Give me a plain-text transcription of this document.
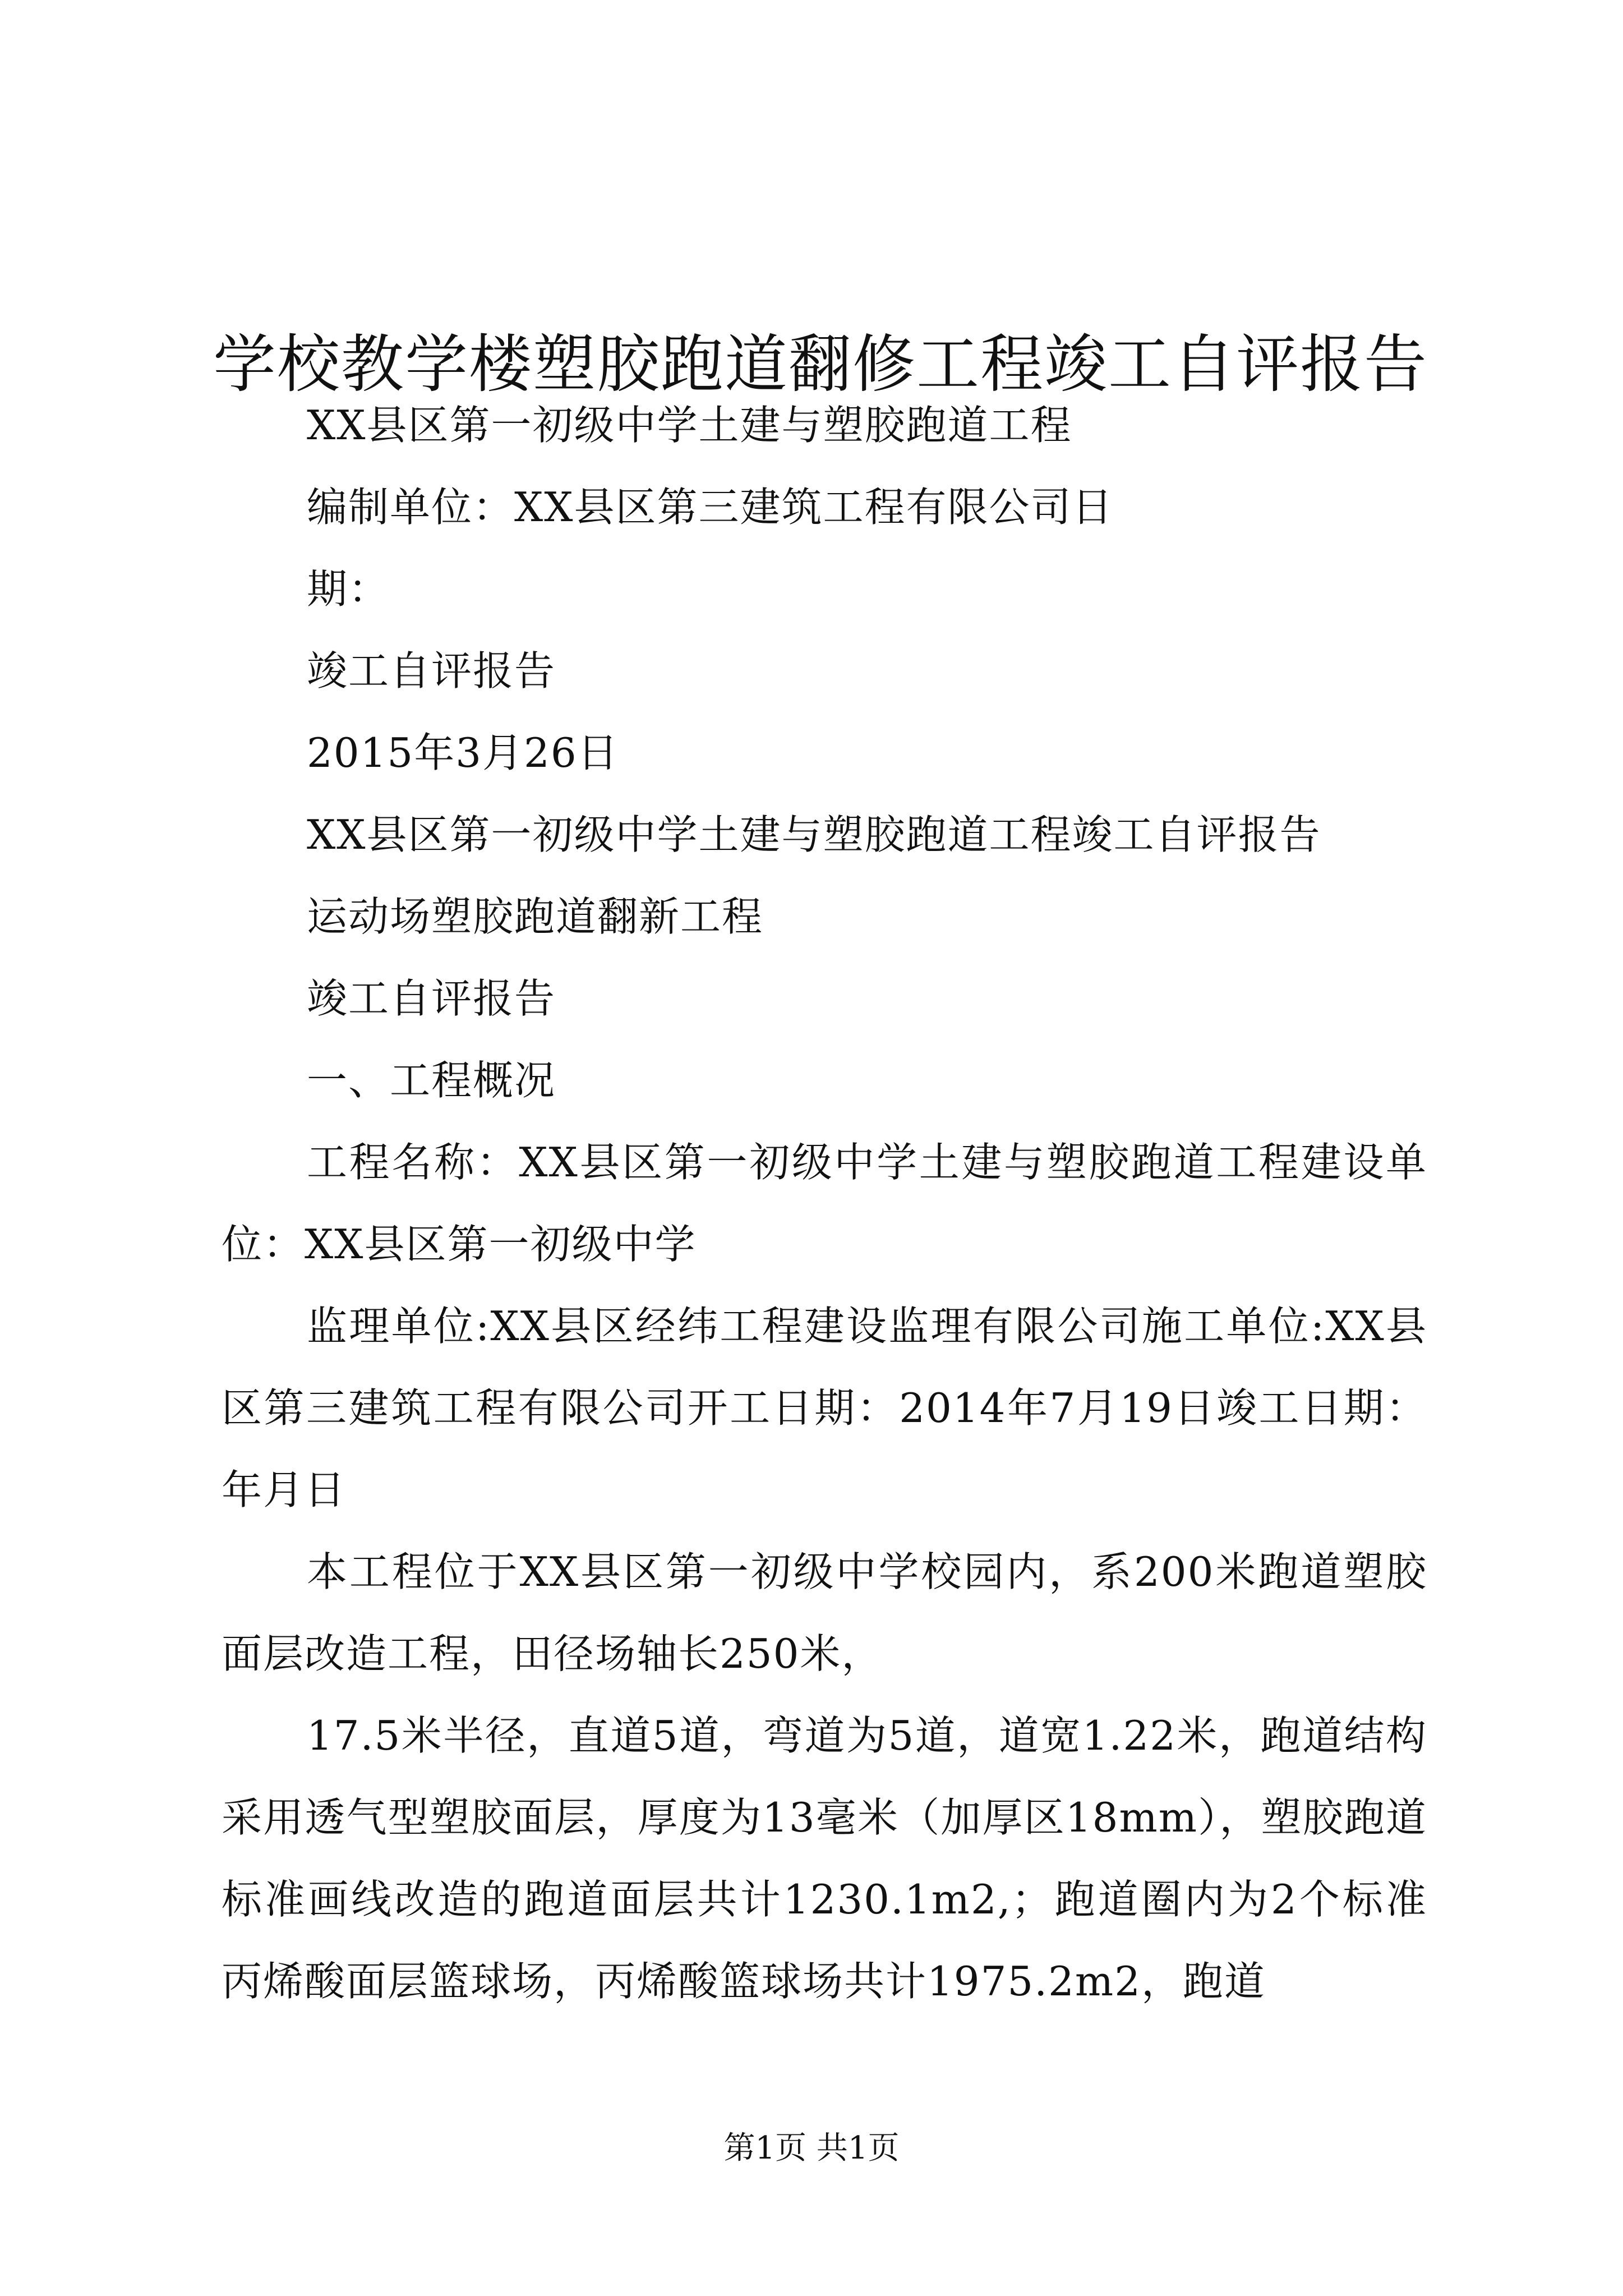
学校教学楼塑胶跑道翻修工程竣工自评报告

XX县区第一初级中学土建与塑胶跑道工程

编制单位：XX县区第三建筑工程有限公司日

期：

竣工自评报告

2015年3月26日

XX县区第一初级中学土建与塑胶跑道工程竣工自评报告

运动场塑胶跑道翻新工程

竣工自评报告

一、工程概况

工程名称：XX县区第一初级中学土建与塑胶跑道工程建设单位：XX县区第一初级中学

监理单位:XX县区经纬工程建设监理有限公司施工单位:XX县区第三建筑工程有限公司开工日期：2014年7月19日竣工日期：年月日

本工程位于XX县区第一初级中学校园内，系200米跑道塑胶面层改造工程，田径场轴长250米，

17.5米半径，直道5道，弯道为5道，道宽1.22米，跑道结构采用透气型塑胶面层，厚度为13毫米（加厚区18mm），塑胶跑道标准画线改造的跑道面层共计1230.1m2,；跑道圈内为2个标准丙烯酸面层篮球场，丙烯酸篮球场共计1975.2m2，跑道

第1页 共1页
